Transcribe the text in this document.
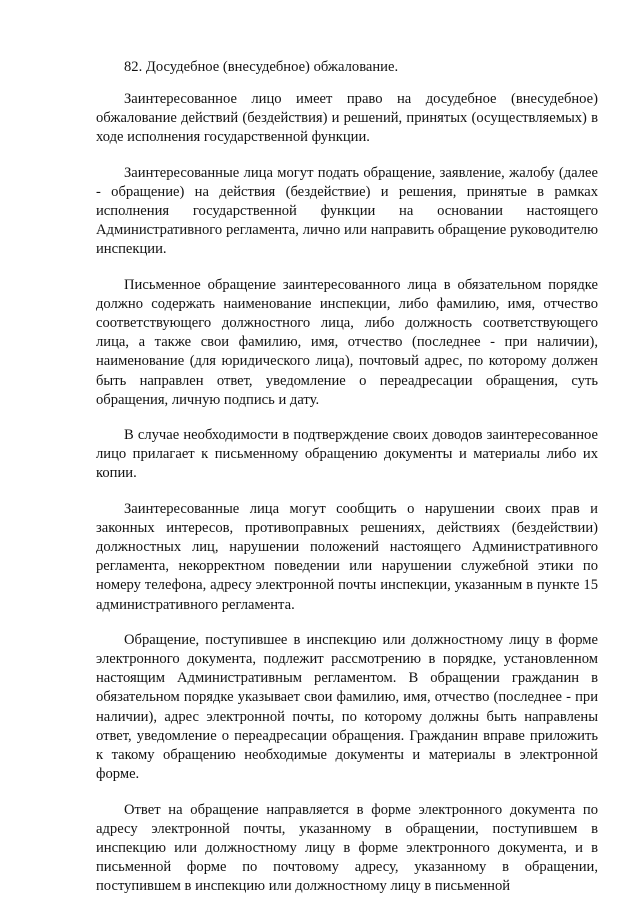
82. Досудебное (внесудебное) обжалование.

Заинтересованное лицо имеет право на досудебное (внесудебное) обжалование действий (бездействия) и решений, принятых (осуществляемых) в ходе исполнения государственной функции.

Заинтересованные лица могут подать обращение, заявление, жалобу (далее - обращение) на действия (бездействие) и решения, принятые в рамках исполнения государственной функции на основании настоящего Административного регламента, лично или направить обращение руководителю инспекции.

Письменное обращение заинтересованного лица в обязательном порядке должно содержать наименование инспекции, либо фамилию, имя, отчество соответствующего должностного лица, либо должность соответствующего лица, а также свои фамилию, имя, отчество (последнее - при наличии), наименование (для юридического лица), почтовый адрес, по которому должен быть направлен ответ, уведомление о переадресации обращения, суть обращения, личную подпись и дату.

В случае необходимости в подтверждение своих доводов заинтересованное лицо прилагает к письменному обращению документы и материалы либо их копии.

Заинтересованные лица могут сообщить о нарушении своих прав и законных интересов, противоправных решениях, действиях (бездействии) должностных лиц, нарушении положений настоящего Административного регламента, некорректном поведении или нарушении служебной этики по номеру телефона, адресу электронной почты инспекции, указанным в пункте 15 административного регламента.

Обращение, поступившее в инспекцию или должностному лицу в форме электронного документа, подлежит рассмотрению в порядке, установленном настоящим Административным регламентом. В обращении гражданин в обязательном порядке указывает свои фамилию, имя, отчество (последнее - при наличии), адрес электронной почты, по которому должны быть направлены ответ, уведомление о переадресации обращения. Гражданин вправе приложить к такому обращению необходимые документы и материалы в электронной форме.

Ответ на обращение направляется в форме электронного документа по адресу электронной почты, указанному в обращении, поступившем в инспекцию или должностному лицу в форме электронного документа, и в письменной форме по почтовому адресу, указанному в обращении, поступившем в инспекцию или должностному лицу в письменной
